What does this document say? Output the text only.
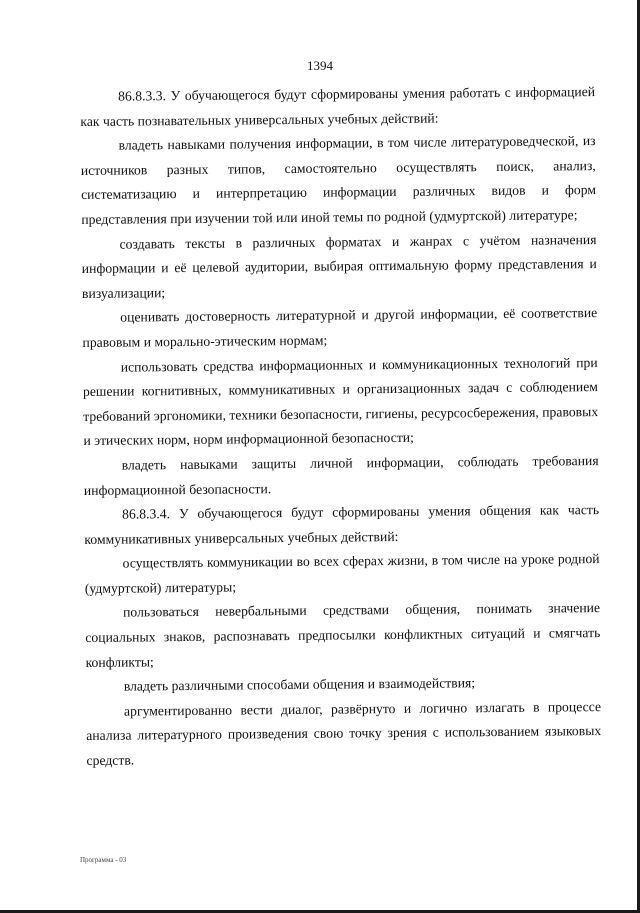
1394

86.8.3.3. У обучающегося будут сформированы умения работать с информацией как часть познавательных универсальных учебных действий:

владеть навыками получения информации, в том числе литературоведческой, из источников разных типов, самостоятельно осуществлять поиск, анализ, систематизацию и интерпретацию информации различных видов и форм представления при изучении той или иной темы по родной (удмуртской) литературе;

создавать тексты в различных форматах и жанрах с учётом назначения информации и её целевой аудитории, выбирая оптимальную форму представления и визуализации;

оценивать достоверность литературной и другой информации, её соответствие правовым и морально-этическим нормам;

использовать средства информационных и коммуникационных технологий при решении когнитивных, коммуникативных и организационных задач с соблюдением требований эргономики, техники безопасности, гигиены, ресурсосбережения, правовых и этических норм, норм информационной безопасности;

владеть навыками защиты личной информации, соблюдать требования информационной безопасности.

86.8.3.4. У обучающегося будут сформированы умения общения как часть коммуникативных универсальных учебных действий:

осуществлять коммуникации во всех сферах жизни, в том числе на уроке родной (удмуртской) литературы;

пользоваться невербальными средствами общения, понимать значение социальных знаков, распознавать предпосылки конфликтных ситуаций и смягчать конфликты;

владеть различными способами общения и взаимодействия;

аргументированно вести диалог, развёрнуто и логично излагать в процессе анализа литературного произведения свою точку зрения с использованием языковых средств.

Программа - 03
